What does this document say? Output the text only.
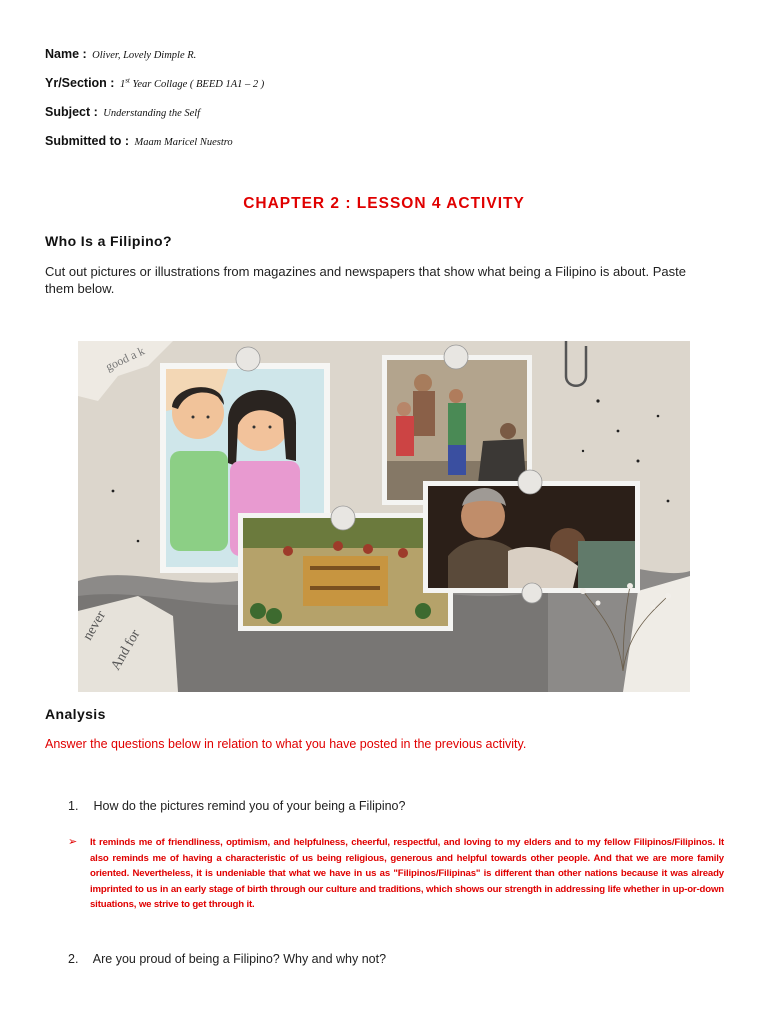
Name : Oliver, Lovely Dimple R.
Yr/Section : 1st Year Collage ( BEED 1A1 – 2 )
Subject : Understanding the Self
Submitted to : Maam Maricel Nuestro
CHAPTER 2 : LESSON 4 ACTIVITY
Who Is a Filipino?
Cut out pictures or illustrations from magazines and newspapers that show what being a Filipino is about. Paste them below.
never
And for
good a k
Analysis
Answer the questions below in relation to what you have posted in the previous activity.
1. How do the pictures remind you of your being a Filipino?
➢ It reminds me of friendliness, optimism, and helpfulness, cheerful, respectful, and loving to my elders and to my fellow Filipinos/Filipinos. It also reminds me of having a characteristic of us being religious, generous and helpful towards other people. And that we are more family oriented. Nevertheless, it is undeniable that what we have in us as "Filipinos/Filipinas" is different than other nations because it was already imprinted to us in an early stage of birth through our culture and traditions, which shows our strength in addressing life whether in up-or-down situations, we strive to get through it.
2. Are you proud of being a Filipino? Why and why not?
